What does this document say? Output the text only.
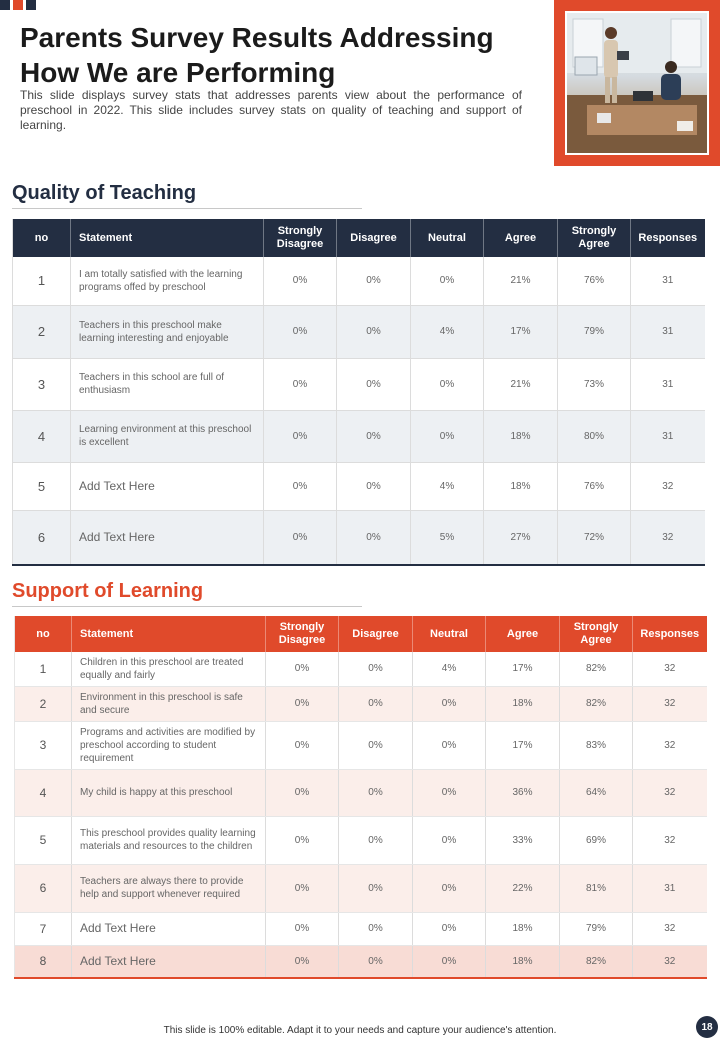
Parents Survey Results Addressing How We are Performing

This slide displays survey stats that addresses parents view about the performance of preschool in 2022. This slide includes survey stats on quality of teaching and support of learning.

Quality of Teaching
no	Statement	Strongly Disagree	Disagree	Neutral	Agree	Strongly Agree	Responses
1	I am totally satisfied with the learning programs offed by preschool	0%	0%	0%	21%	76%	31
2	Teachers in this preschool make learning interesting and enjoyable	0%	0%	4%	17%	79%	31
3	Teachers in this school are full of enthusiasm	0%	0%	0%	21%	73%	31
4	Learning environment at this preschool is excellent	0%	0%	0%	18%	80%	31
5	Add Text Here	0%	0%	4%	18%	76%	32
6	Add Text Here	0%	0%	5%	27%	72%	32
Support of Learning
no	Statement	Strongly Disagree	Disagree	Neutral	Agree	Strongly Agree	Responses
1	Children in this preschool are treated equally and fairly	0%	0%	4%	17%	82%	32
2	Environment in this preschool is safe and secure	0%	0%	0%	18%	82%	32
3	Programs and activities are modified by preschool according to student requirement	0%	0%	0%	17%	83%	32
4	My child is happy at this preschool	0%	0%	0%	36%	64%	32
5	This preschool provides quality learning materials and resources to the children	0%	0%	0%	33%	69%	32
6	Teachers are always there to provide help and support whenever required	0%	0%	0%	22%	81%	31
7	Add Text Here	0%	0%	0%	18%	79%	32
8	Add Text Here	0%	0%	0%	18%	82%	32
This slide is 100% editable. Adapt it to your needs and capture your audience's attention.	18
